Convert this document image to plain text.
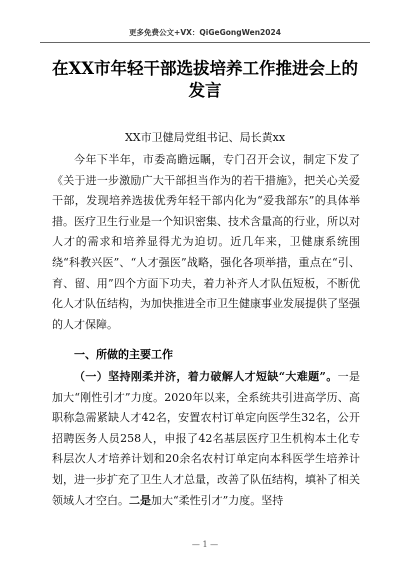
更多免费公文+VX：QiGeGongWen2024
在XX市年轻干部选拔培养工作推进会上的发言
XX市卫健局党组书记、局长黄xx
今年下半年，市委高瞻远瞩，专门召开会议，制定下发了《关于进一步激励广大干部担当作为的若干措施》，把关心关爱干部，发现培养选拔优秀年轻干部内化为“爱我部东”的具体举措。医疗卫生行业是一个知识密集、技术含量高的行业，所以对人才的需求和培养显得尤为迫切。近几年来，卫健康系统围绕“科教兴医”、“人才强医”战略，强化各项举措，重点在“引、育、留、用”四个方面下功夫，着力补齐人才队伍短板，不断优化人才队伍结构，为加快推进全市卫生健康事业发展提供了坚强的人才保障。
一、所做的主要工作
（一）坚持刚柔并济，着力破解人才短缺“大难题”。一是加大“刚性引才”力度。2020年以来，全系统共引进高学历、高职称急需紧缺人才42名，安置农村订单定向医学生32名，公开招聘医务人员258人，申报了42名基层医疗卫生机构本土化专科层次人才培养计划和20余名农村订单定向本科医学生培养计划，进一步扩充了卫生人才总量，改善了队伍结构，填补了相关领域人才空白。二是加大“柔性引才”力度。坚持
— 1 —
